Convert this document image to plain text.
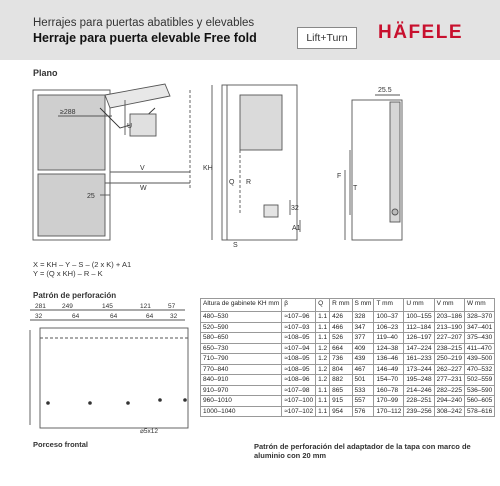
Herrajes para puertas abatibles y elevables
Herraje para puerta elevable Free fold	Lift+Turn	HÄFELE
Plano
≥288
U
V
W
25
KH
Q R
32
A1
S
25.5
T
F
X = KH – Y – S – (2 x K) + A1
Y = (Q x KH) – R – K
Patrón de perforación
281 249	145	121	57
32	64	64	64	32
⌀5x12
Altura de gabinete KH mm	β	Q	R mm	S mm	T mm	U mm	V mm	W mm
480–530	≈107–96	1.1	426	328	100–37	100–155	203–186	328–370
520–590	≈107–93	1.1	466	347	106–23	112–184	213–190	347–401
580–650	≈108–95	1.1	526	377	119–40	126–197	227–207	375–430
650–730	≈107–94	1.2	664	409	124–38	147–224	238–215	411–470
710–790	≈108–95	1.2	736	439	136–46	161–233	250–219	439–500
770–840	≈108–95	1.2	804	467	146–49	173–244	262–227	470–532
840–910	≈108–96	1.2	882	501	154–70	195–248	277–231	502–559
910–970	≈107–98	1.1	865	533	160–78	214–246	282–225	536–590
960–1010	≈107–100	1.1	915	557	170–99	228–251	294–240	560–605
1000–1040	≈107–102	1.1	954	576	170–112	239–256	308–242	578–616
Porceso frontal	Patrón de perforación del adaptador de la tapa con marco de aluminio con 20 mm
